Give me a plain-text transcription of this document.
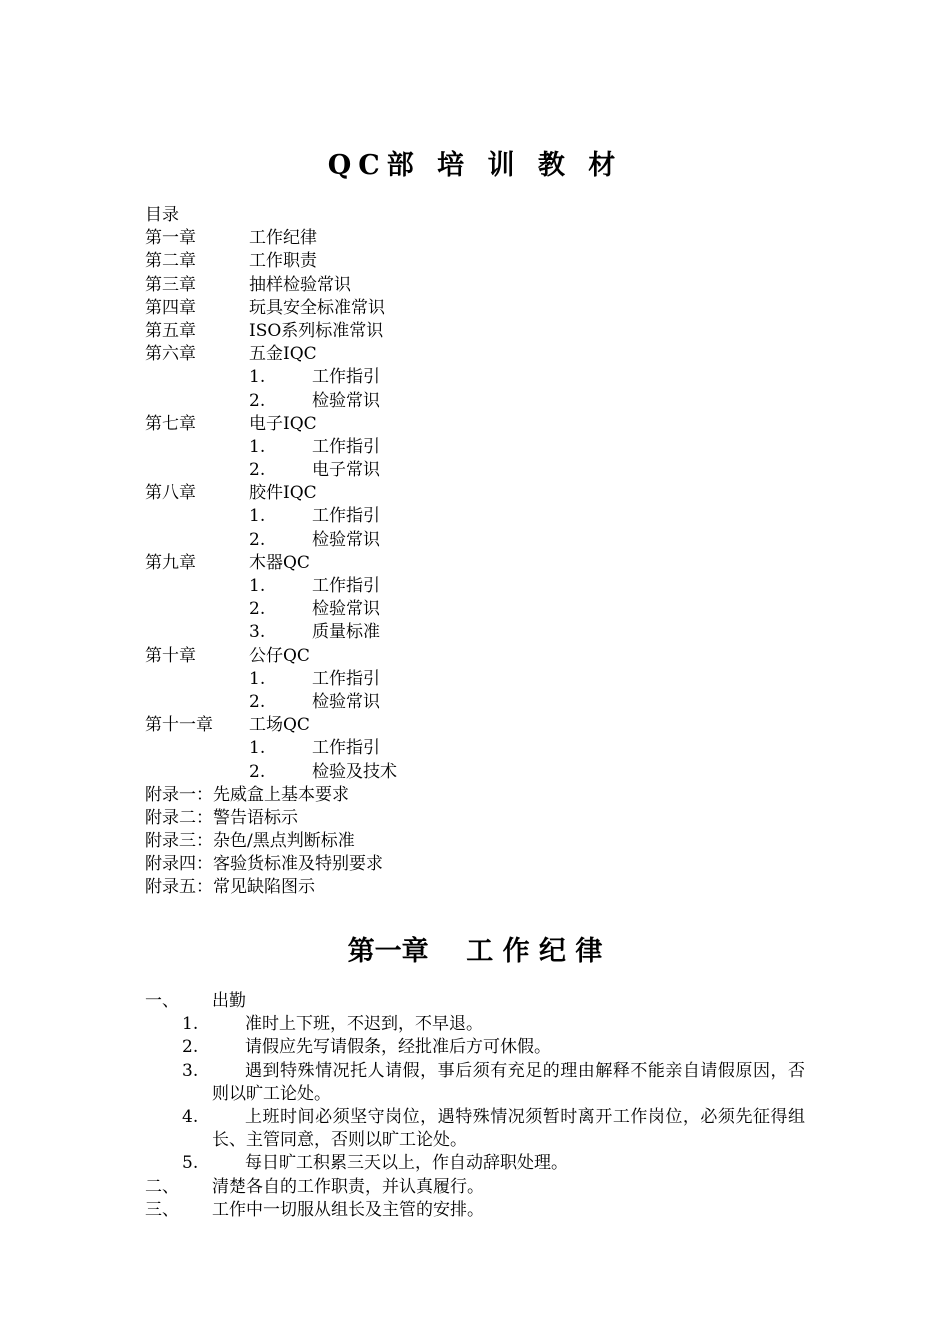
QC部 培 训 教 材
目录
第一章	工作纪律
第二章	工作职责
第三章	抽样检验常识
第四章	玩具安全标准常识
第五章	ISO系列标准常识
第六章	五金IQC
1.	工作指引
2.	检验常识
第七章	电子IQC
1.	工作指引
2.	电子常识
第八章	胶件IQC
1.	工作指引
2.	检验常识
第九章	木器QC
1.	工作指引
2.	检验常识
3.	质量标准
第十章	公仔QC
1.	工作指引
2.	检验常识
第十一章 工场QC
1.	工作指引
2.	检验及技术
附录一：先威盒上基本要求
附录二：警告语标示
附录三：杂色/黑点判断标准
附录四：客验货标准及特别要求
附录五：常见缺陷图示
第一章    工 作 纪 律
一、	出勤
1.	准时上下班，不迟到，不早退。
2.	请假应先写请假条，经批准后方可休假。
3.	遇到特殊情况托人请假，事后须有充足的理由解释不能亲自请假原因，否则以旷工论处。
4.	上班时间必须坚守岗位，遇特殊情况须暂时离开工作岗位，必须先征得组长、主管同意，否则以旷工论处。
5.	每日旷工积累三天以上，作自动辞职处理。
二、	清楚各自的工作职责，并认真履行。
三、	工作中一切服从组长及主管的安排。
